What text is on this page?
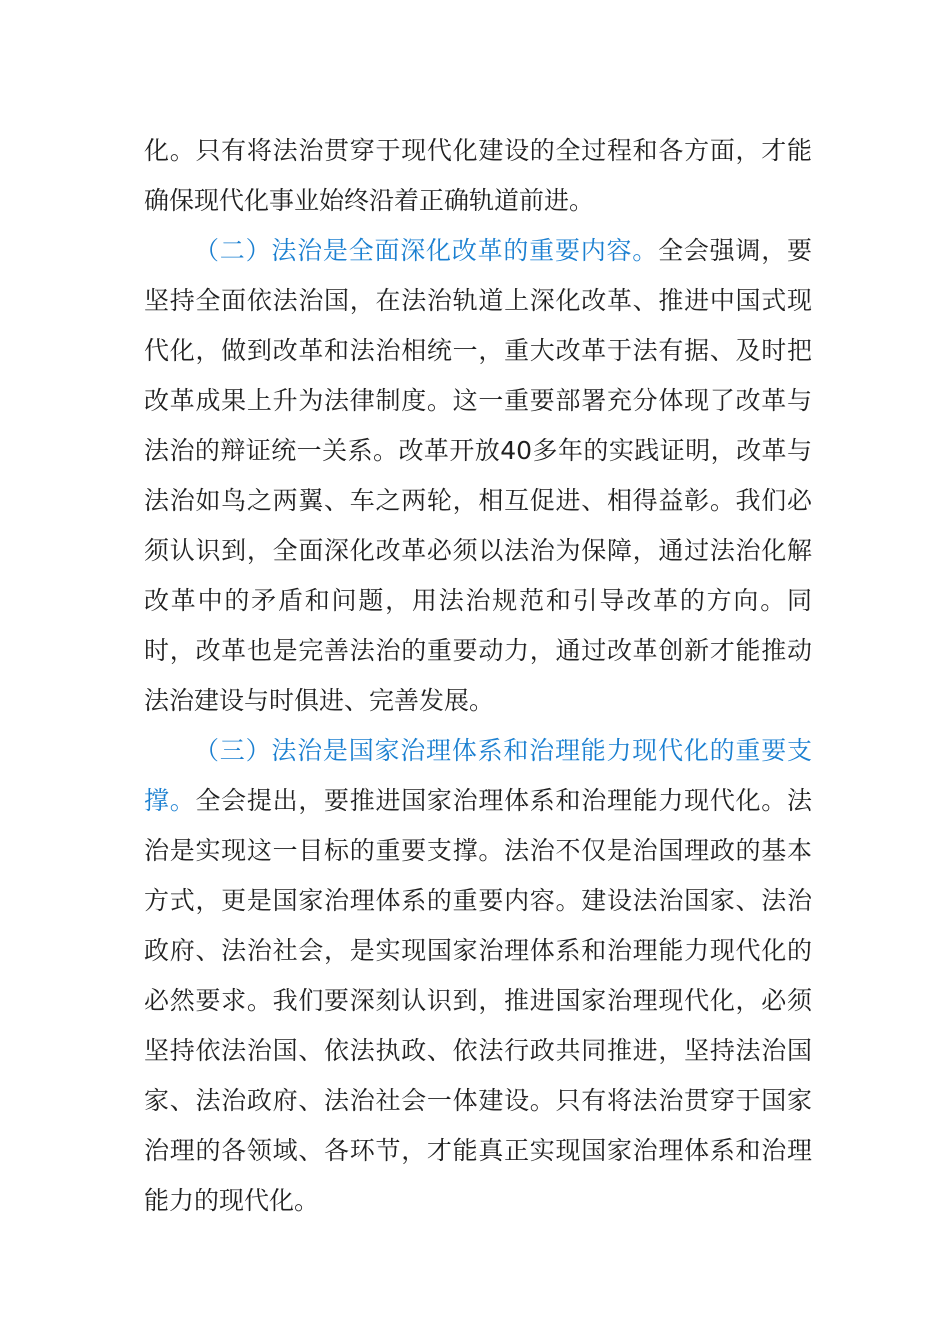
化。只有将法治贯穿于现代化建设的全过程和各方面，才能确保现代化事业始终沿着正确轨道前进。

（二）法治是全面深化改革的重要内容。全会强调，要坚持全面依法治国，在法治轨道上深化改革、推进中国式现代化，做到改革和法治相统一，重大改革于法有据、及时把改革成果上升为法律制度。这一重要部署充分体现了改革与法治的辩证统一关系。改革开放40多年的实践证明，改革与法治如鸟之两翼、车之两轮，相互促进、相得益彰。我们必须认识到，全面深化改革必须以法治为保障，通过法治化解改革中的矛盾和问题，用法治规范和引导改革的方向。同时，改革也是完善法治的重要动力，通过改革创新才能推动法治建设与时俱进、完善发展。

（三）法治是国家治理体系和治理能力现代化的重要支撑。全会提出，要推进国家治理体系和治理能力现代化。法治是实现这一目标的重要支撑。法治不仅是治国理政的基本方式，更是国家治理体系的重要内容。建设法治国家、法治政府、法治社会，是实现国家治理体系和治理能力现代化的必然要求。我们要深刻认识到，推进国家治理现代化，必须坚持依法治国、依法执政、依法行政共同推进，坚持法治国家、法治政府、法治社会一体建设。只有将法治贯穿于国家治理的各领域、各环节，才能真正实现国家治理体系和治理能力的现代化。
